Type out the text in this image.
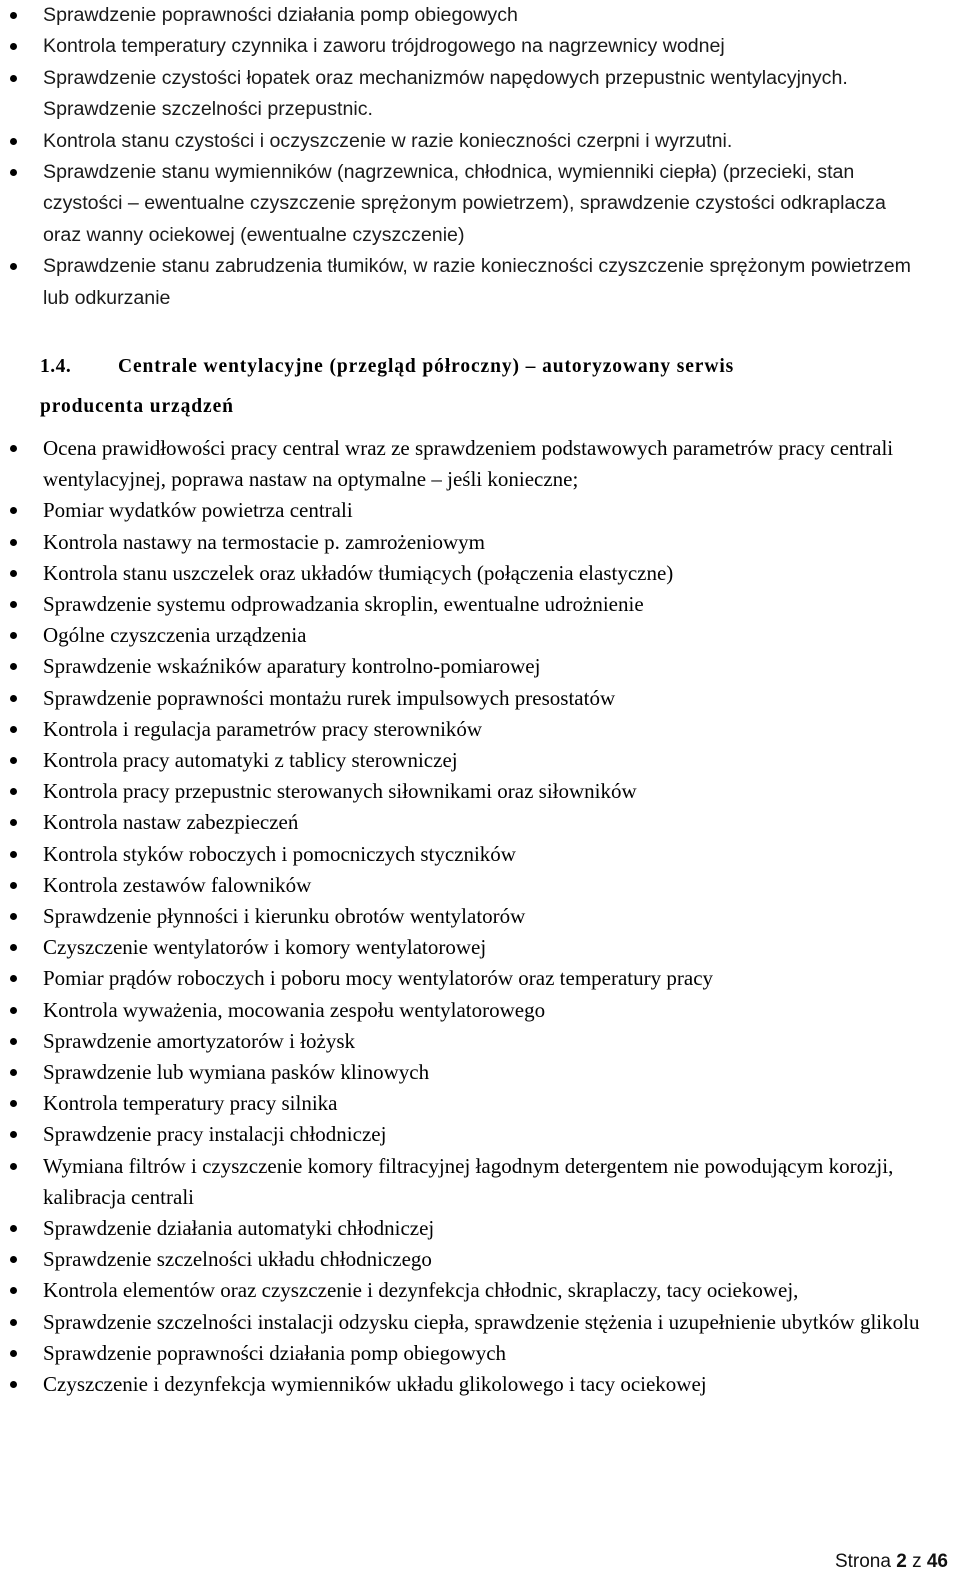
Sprawdzenie poprawności działania pomp obiegowych
Kontrola temperatury czynnika i zaworu trójdrogowego na nagrzewnicy wodnej
Sprawdzenie czystości łopatek oraz mechanizmów napędowych przepustnic wentylacyjnych. Sprawdzenie szczelności przepustnic.
Kontrola stanu czystości i oczyszczenie w razie konieczności czerpni i wyrzutni.
Sprawdzenie stanu wymienników (nagrzewnica, chłodnica, wymienniki ciepła) (przecieki, stan czystości – ewentualne czyszczenie sprężonym powietrzem), sprawdzenie czystości odkraplacza oraz wanny ociekowej (ewentualne czyszczenie)
Sprawdzenie stanu zabrudzenia tłumików, w razie konieczności czyszczenie sprężonym powietrzem lub odkurzanie
1.4. Centrale wentylacyjne (przegląd półroczny) – autoryzowany serwis
producenta urządzeń
Ocena prawidłowości pracy central wraz ze sprawdzeniem podstawowych parametrów pracy centrali wentylacyjnej, poprawa nastaw na optymalne – jeśli konieczne;
Pomiar wydatków powietrza centrali
Kontrola nastawy na termostacie p. zamrożeniowym
Kontrola stanu uszczelek oraz układów tłumiących (połączenia elastyczne)
Sprawdzenie systemu odprowadzania skroplin, ewentualne udrożnienie
Ogólne czyszczenia urządzenia
Sprawdzenie wskaźników aparatury kontrolno-pomiarowej
Sprawdzenie poprawności montażu rurek impulsowych presostatów
Kontrola i regulacja parametrów pracy sterowników
Kontrola pracy automatyki z tablicy sterowniczej
Kontrola pracy przepustnic sterowanych siłownikami oraz siłowników
Kontrola nastaw zabezpieczeń
Kontrola styków roboczych i pomocniczych styczników
Kontrola zestawów falowników
Sprawdzenie płynności i kierunku obrotów wentylatorów
Czyszczenie wentylatorów i komory wentylatorowej
Pomiar prądów roboczych i poboru mocy wentylatorów oraz temperatury pracy
Kontrola wyważenia, mocowania zespołu wentylatorowego
Sprawdzenie amortyzatorów i łożysk
Sprawdzenie lub wymiana pasków klinowych
Kontrola temperatury pracy silnika
Sprawdzenie pracy instalacji chłodniczej
Wymiana filtrów i czyszczenie komory filtracyjnej łagodnym detergentem nie powodującym korozji, kalibracja centrali
Sprawdzenie działania automatyki chłodniczej
Sprawdzenie szczelności układu chłodniczego
Kontrola elementów oraz czyszczenie i dezynfekcja chłodnic, skraplaczy, tacy ociekowej,
Sprawdzenie szczelności instalacji odzysku ciepła, sprawdzenie stężenia i uzupełnienie ubytków glikolu
Sprawdzenie poprawności działania pomp obiegowych
Czyszczenie i dezynfekcja wymienników układu glikolowego i tacy ociekowej
Strona 2 z 46
